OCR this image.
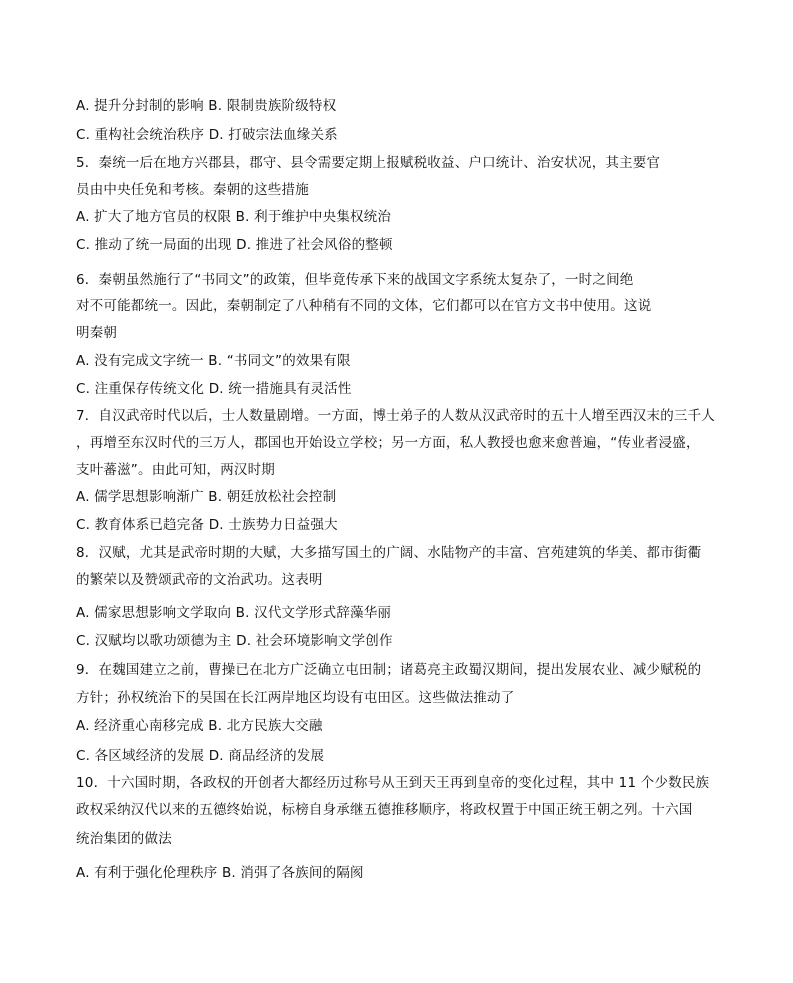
A. 提升分封制的影响 B. 限制贵族阶级特权
C. 重构社会统治秩序 D. 打破宗法血缘关系
5．秦统一后在地方兴郡县，郡守、县令需要定期上报赋税收益、户口统计、治安状况，其主要官
员由中央任免和考核。秦朝的这些措施
A. 扩大了地方官员的权限 B. 利于维护中央集权统治
C. 推动了统一局面的出现 D. 推进了社会风俗的整顿
6．秦朝虽然施行了“书同文”的政策，但毕竟传承下来的战国文字系统太复杂了，一时之间绝
对不可能都统一。因此，秦朝制定了八种稍有不同的文体，它们都可以在官方文书中使用。这说
明秦朝
A. 没有完成文字统一 B. “书同文”的效果有限
C. 注重保存传统文化 D. 统一措施具有灵活性
7．自汉武帝时代以后，士人数量剧增。一方面，博士弟子的人数从汉武帝时的五十人增至西汉末的三千人
，再增至东汉时代的三万人，郡国也开始设立学校；另一方面，私人教授也愈来愈普遍，“传业者浸盛，
支叶蕃滋”。由此可知，两汉时期
A. 儒学思想影响渐广 B. 朝廷放松社会控制
C. 教育体系已趋完备 D. 士族势力日益强大
8．汉赋，尤其是武帝时期的大赋，大多描写国土的广阔、水陆物产的丰富、宫苑建筑的华美、都市街衢
的繁荣以及赞颂武帝的文治武功。这表明
A. 儒家思想影响文学取向 B. 汉代文学形式辞藻华丽
C. 汉赋均以歌功颂德为主 D. 社会环境影响文学创作
9．在魏国建立之前，曹操已在北方广泛确立屯田制；诸葛亮主政蜀汉期间，提出发展农业、减少赋税的
方针；孙权统治下的吴国在长江两岸地区均设有屯田区。这些做法推动了
A. 经济重心南移完成 B. 北方民族大交融
C. 各区域经济的发展 D. 商品经济的发展
10．十六国时期，各政权的开创者大都经历过称号从王到天王再到皇帝的变化过程，其中 11 个少数民族
政权采纳汉代以来的五德终始说，标榜自身承继五德推移顺序，将政权置于中国正统王朝之列。十六国
统治集团的做法
A. 有利于强化伦理秩序 B. 消弭了各族间的隔阂
